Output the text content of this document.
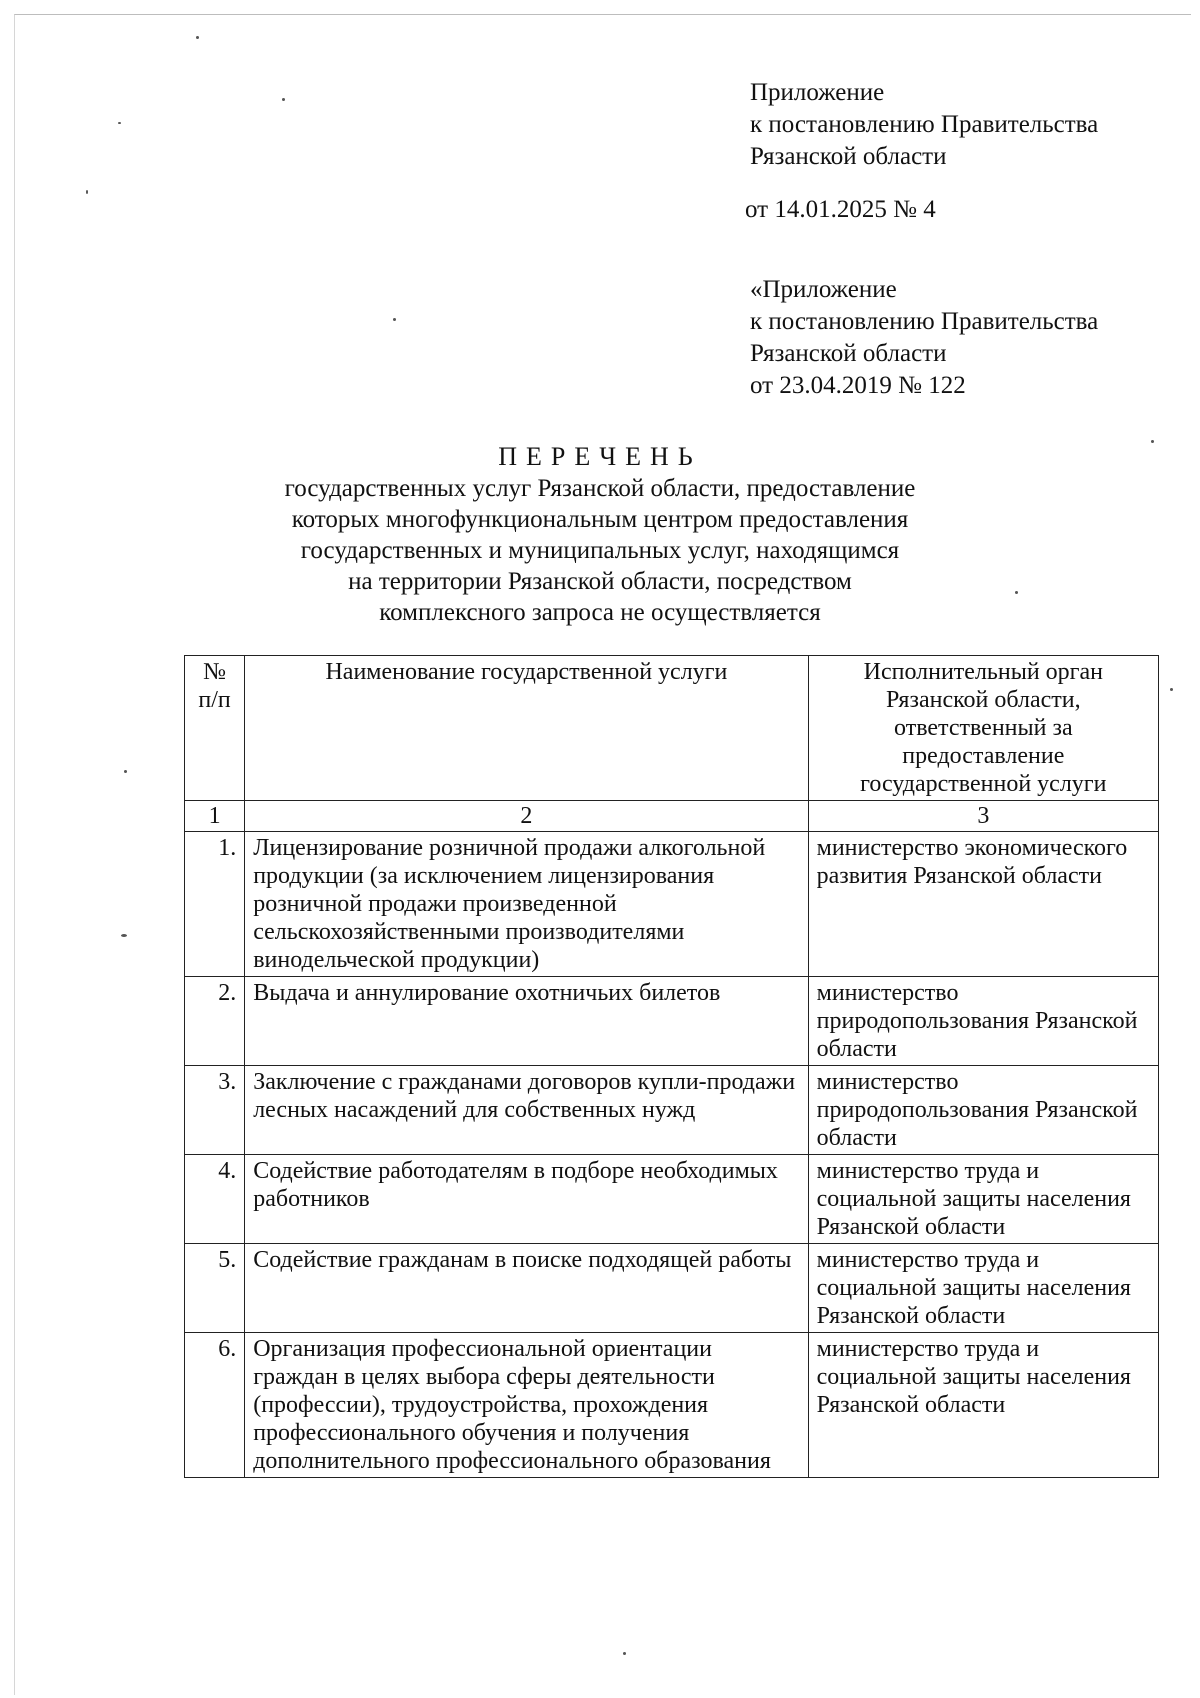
Приложение

к постановлению Правительства

Рязанской области

от 14.01.2025 № 4

«Приложение

к постановлению Правительства

Рязанской области

от 23.04.2019 № 122

ПЕРЕЧЕНЬ

государственных услуг Рязанской области, предоставление

которых многофункциональным центром предоставления

государственных и муниципальных услуг, находящимся

на территории Рязанской области, посредством

комплексного запроса не осуществляется

№ п/п	Наименование государственной услуги	Исполнительный орган Рязанской области, ответственный за предоставление государственной услуги
1	2	3
1.	Лицензирование розничной продажи алкогольной продукции (за исключением лицензирования розничной продажи произведенной сельскохозяйственными производителями винодельческой продукции)	министерство экономического развития Рязанской области
2.	Выдача и аннулирование охотничьих билетов	министерство природопользования Рязанской области
3.	Заключение с гражданами договоров купли-продажи лесных насаждений для собственных нужд	министерство природопользования Рязанской области
4.	Содействие работодателям в подборе необходимых работников	министерство труда и социальной защиты населения Рязанской области
5.	Содействие гражданам в поиске подходящей работы	министерство труда и социальной защиты населения Рязанской области
6.	Организация профессиональной ориентации граждан в целях выбора сферы деятельности (профессии), трудоустройства, прохождения профессионального обучения и получения дополнительного профессионального образования	министерство труда и социальной защиты населения Рязанской области
